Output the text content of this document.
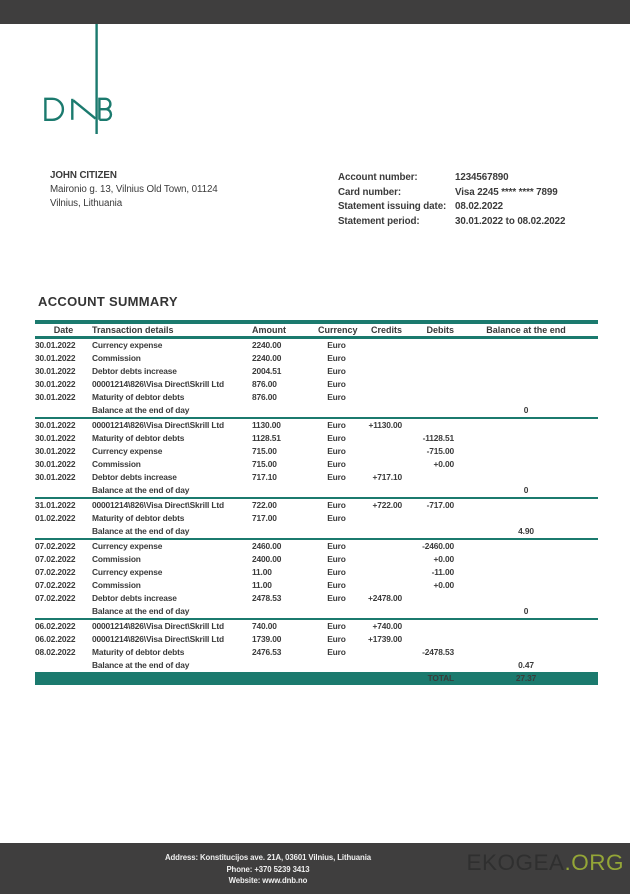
JOHN CITIZEN
Maironio g. 13, Vilnius Old Town, 01124
Vilnius, Lithuania
Account number:	1234567890
Card number:	Visa 2245 **** **** 7899
Statement issuing date: 08.02.2022
Statement period:	30.01.2022 to 08.02.2022
ACCOUNT SUMMARY
Date	Transaction details	Amount	Currency	Credits	Debits	Balance at the end
30.01.2022	Currency expense	2240.00	Euro			
30.01.2022	Commission	2240.00	Euro			
30.01.2022	Debtor debts increase	2004.51	Euro			
30.01.2022	00001214\826\Visa Direct\Skrill Ltd	876.00	Euro			
30.01.2022	Maturity of debtor debts	876.00	Euro			
	Balance at the end of day					0
30.01.2022	00001214\826\Visa Direct\Skrill Ltd	1130.00	Euro	+1130.00		
30.01.2022	Maturity of debtor debts	1128.51	Euro		-1128.51	
30.01.2022	Currency expense	715.00	Euro		-715.00	
30.01.2022	Commission	715.00	Euro		+0.00	
30.01.2022	Debtor debts increase	717.10	Euro	+717.10		
	Balance at the end of day					0
31.01.2022	00001214\826\Visa Direct\Skrill Ltd	722.00	Euro	+722.00	-717.00	
01.02.2022	Maturity of debtor debts	717.00	Euro			
	Balance at the end of day					4.90
07.02.2022	Currency expense	2460.00	Euro		-2460.00	
07.02.2022	Commission	2400.00	Euro		+0.00	
07.02.2022	Currency expense	11.00	Euro		-11.00	
07.02.2022	Commission	11.00	Euro		+0.00	
07.02.2022	Debtor debts increase	2478.53	Euro	+2478.00		
	Balance at the end of day					0
06.02.2022	00001214\826\Visa Direct\Skrill Ltd	740.00	Euro	+740.00		
06.02.2022	00001214\826\Visa Direct\Skrill Ltd	1739.00	Euro	+1739.00		
08.02.2022	Maturity of debtor debts	2476.53	Euro		-2478.53	
	Balance at the end of day					0.47
					TOTAL	27.37
Address: Konstitucijos ave. 21A, 03601 Vilnius, Lithuania
Phone: +370 5239 3413
Website: www.dnb.no
EKOGEA.ORG
